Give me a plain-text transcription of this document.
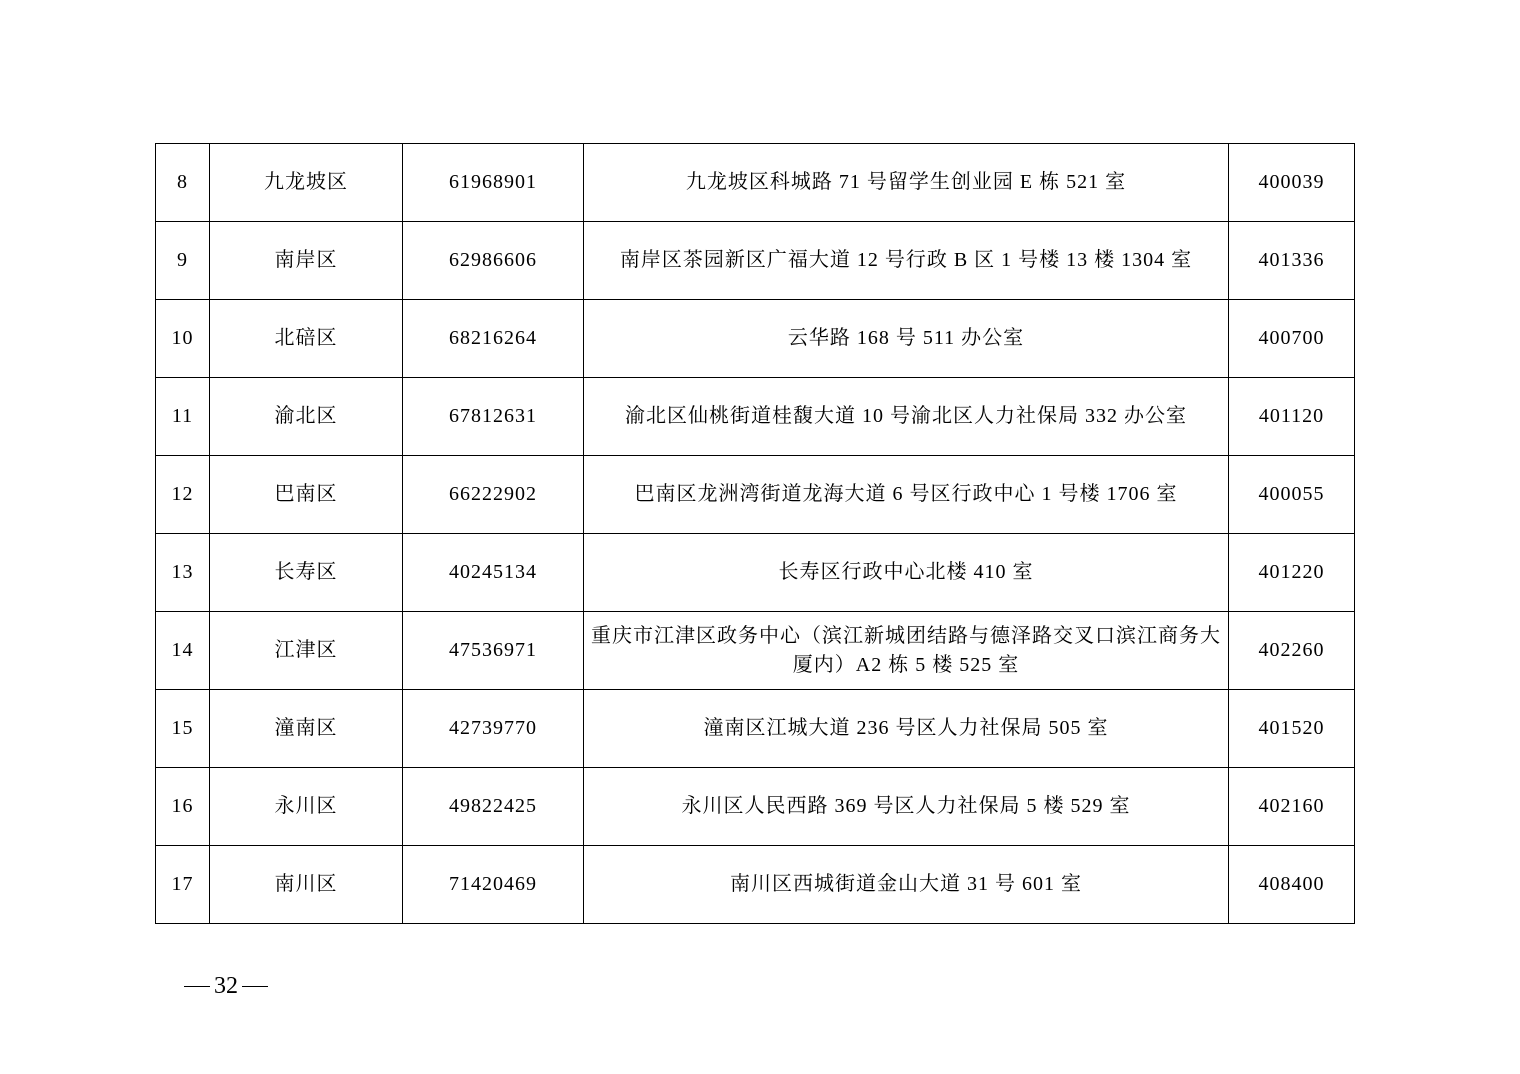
8	九龙坡区	61968901	九龙坡区科城路 71 号留学生创业园 E 栋 521 室	400039
9	南岸区	62986606	南岸区茶园新区广福大道 12 号行政 B 区 1 号楼 13 楼 1304 室	401336
10	北碚区	68216264	云华路 168 号 511 办公室	400700
11	渝北区	67812631	渝北区仙桃街道桂馥大道 10 号渝北区人力社保局 332 办公室	401120
12	巴南区	66222902	巴南区龙洲湾街道龙海大道 6 号区行政中心 1 号楼 1706 室	400055
13	长寿区	40245134	长寿区行政中心北楼 410 室	401220
14	江津区	47536971	重庆市江津区政务中心（滨江新城团结路与德泽路交叉口滨江商务大厦内）A2 栋 5 楼 525 室	402260
15	潼南区	42739770	潼南区江城大道 236 号区人力社保局 505 室	401520
16	永川区	49822425	永川区人民西路 369 号区人力社保局 5 楼 529 室	402160
17	南川区	71420469	南川区西城街道金山大道 31 号 601 室	408400
32
